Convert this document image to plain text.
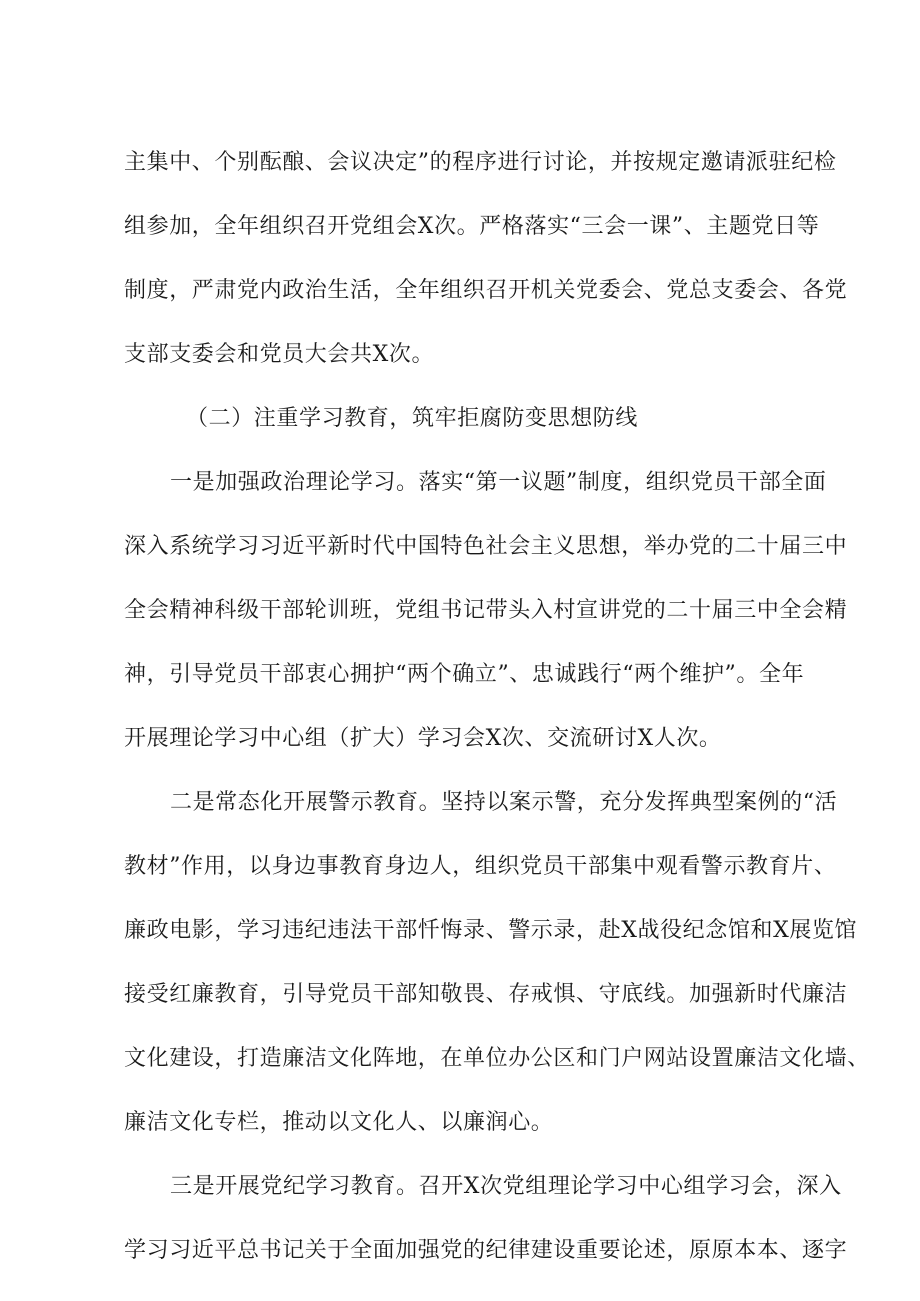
主集中、个别酝酿、会议决定”的程序进行讨论，并按规定邀请派驻纪检
组参加，全年组织召开党组会X次。严格落实“三会一课”、主题党日等
制度，严肃党内政治生活，全年组织召开机关党委会、党总支委会、各党
支部支委会和党员大会共X次。
（二）注重学习教育，筑牢拒腐防变思想防线
一是加强政治理论学习。落实“第一议题”制度，组织党员干部全面
深入系统学习习近平新时代中国特色社会主义思想，举办党的二十届三中
全会精神科级干部轮训班，党组书记带头入村宣讲党的二十届三中全会精
神，引导党员干部衷心拥护“两个确立”、忠诚践行“两个维护”。全年
开展理论学习中心组（扩大）学习会X次、交流研讨X人次。
二是常态化开展警示教育。坚持以案示警，充分发挥典型案例的“活
教材”作用，以身边事教育身边人，组织党员干部集中观看警示教育片、
廉政电影，学习违纪违法干部忏悔录、警示录，赴X战役纪念馆和X展览馆
接受红廉教育，引导党员干部知敬畏、存戒惧、守底线。加强新时代廉洁
文化建设，打造廉洁文化阵地，在单位办公区和门户网站设置廉洁文化墙、
廉洁文化专栏，推动以文化人、以廉润心。
三是开展党纪学习教育。召开X次党组理论学习中心组学习会，深入
学习习近平总书记关于全面加强党的纪律建设重要论述，原原本本、逐字
